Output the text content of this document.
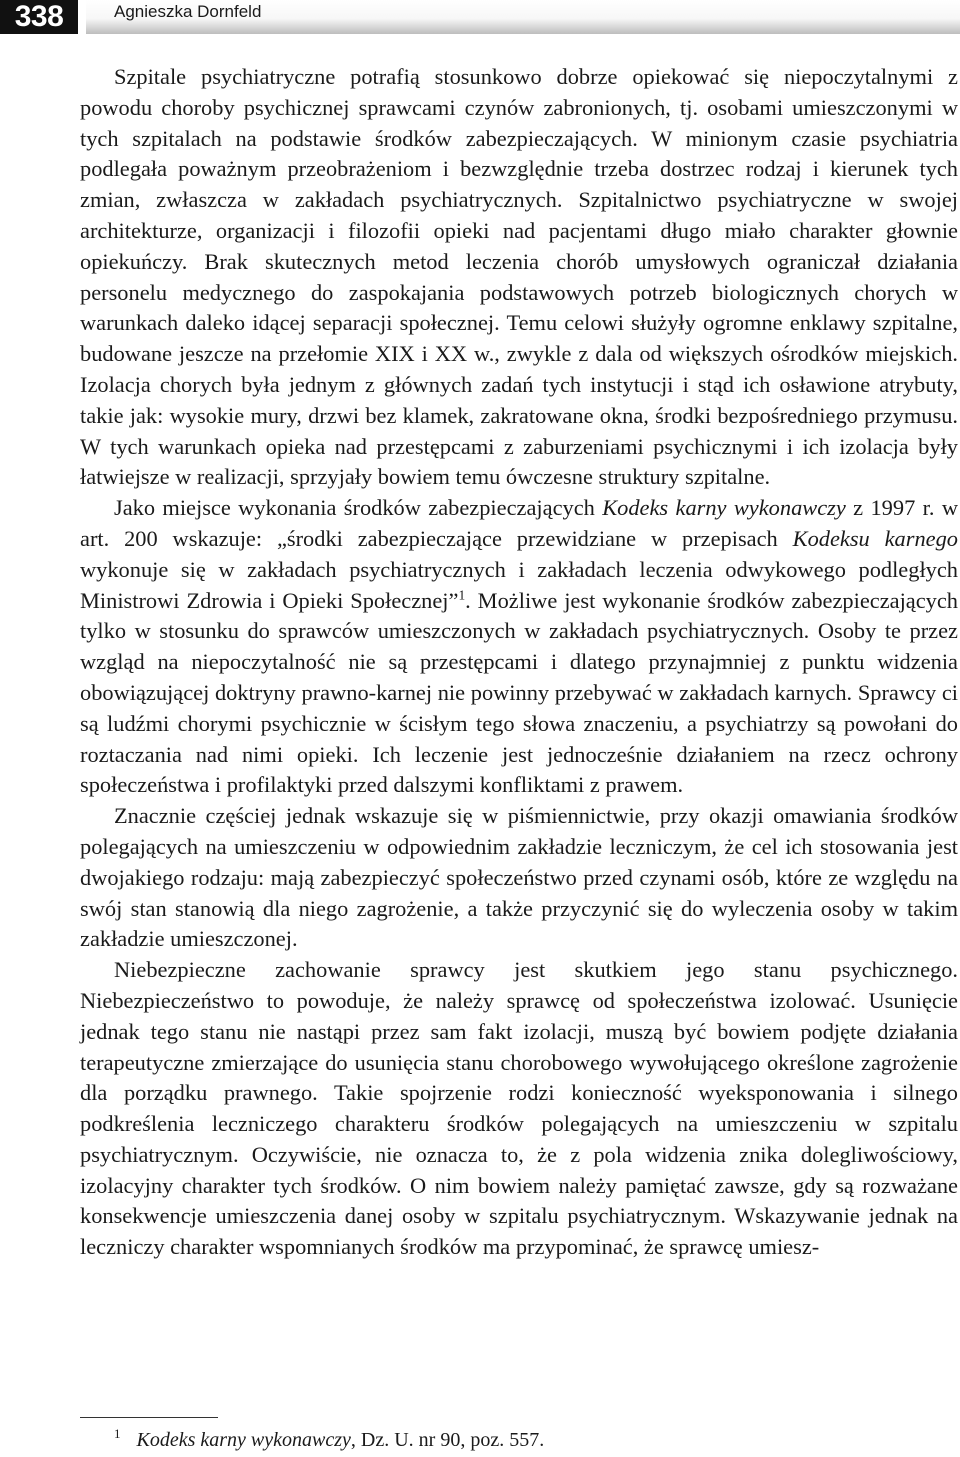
338	Agnieszka Dornfeld

Szpitale psychiatryczne potrafią stosunkowo dobrze opiekować się niepoczytalnymi z powodu choroby psychicznej sprawcami czynów zabronionych, tj. osobami umieszczonymi w tych szpitalach na podstawie środków zabezpieczających. W minionym czasie psychiatria podlegała poważnym przeobrażeniom i bezwzględnie trzeba dostrzec rodzaj i kierunek tych zmian, zwłaszcza w zakładach psychiatrycznych. Szpitalnictwo psychiatryczne w swojej architekturze, organizacji i filozofii opieki nad pacjentami długo miało charakter głownie opiekuńczy. Brak skutecznych metod leczenia chorób umysłowych ograniczał działania personelu medycznego do zaspokajania podstawowych potrzeb biologicznych chorych w warunkach daleko idącej separacji społecznej. Temu celowi służyły ogromne enklawy szpitalne, budowane jeszcze na przełomie XIX i XX w., zwykle z dala od większych ośrodków miejskich. Izolacja chorych była jednym z głównych zadań tych instytucji i stąd ich osławione atrybuty, takie jak: wysokie mury, drzwi bez klamek, zakratowane okna, środki bezpośredniego przymusu. W tych warunkach opieka nad przestępcami z zaburzeniami psychicznymi i ich izolacja były łatwiejsze w realizacji, sprzyjały bowiem temu ówczesne struktury szpitalne.

Jako miejsce wykonania środków zabezpieczających Kodeks karny wykonawczy z 1997 r. w art. 200 wskazuje: „środki zabezpieczające przewidziane w przepisach Kodeksu karnego wykonuje się w zakładach psychiatrycznych i zakładach leczenia odwykowego podległych Ministrowi Zdrowia i Opieki Społecznej”$^1$. Możliwe jest wykonanie środków zabezpieczających tylko w stosunku do sprawców umieszczonych w zakładach psychiatrycznych. Osoby te przez wzgląd na niepoczytalność nie są przestępcami i dlatego przynajmniej z punktu widzenia obowiązującej doktryny prawno-karnej nie powinny przebywać w zakładach karnych. Sprawcy ci są ludźmi chorymi psychicznie w ścisłym tego słowa znaczeniu, a psychiatrzy są powołani do roztaczania nad nimi opieki. Ich leczenie jest jednocześnie działaniem na rzecz ochrony społeczeństwa i profilaktyki przed dalszymi konfliktami z prawem.

Znacznie częściej jednak wskazuje się w piśmiennictwie, przy okazji omawiania środków polegających na umieszczeniu w odpowiednim zakładzie leczniczym, że cel ich stosowania jest dwojakiego rodzaju: mają zabezpieczyć społeczeństwo przed czynami osób, które ze względu na swój stan stanowią dla niego zagrożenie, a także przyczynić się do wyleczenia osoby w takim zakładzie umieszczonej.

Niebezpieczne zachowanie sprawcy jest skutkiem jego stanu psychicznego. Niebezpieczeństwo to powoduje, że należy sprawcę od społeczeństwa izolować. Usunięcie jednak tego stanu nie nastąpi przez sam fakt izolacji, muszą być bowiem podjęte działania terapeutyczne zmierzające do usunięcia stanu chorobowego wywołującego określone zagrożenie dla porządku prawnego. Takie spojrzenie rodzi konieczność wyeksponowania i silnego podkreślenia leczniczego charakteru środków polegających na umieszczeniu w szpitalu psychiatrycznym. Oczywiście, nie oznacza to, że z pola widzenia znika dolegliwościowy, izolacyjny charakter tych środków. O nim bowiem należy pamiętać zawsze, gdy są rozważane konsekwencje umieszczenia danej osoby w szpitalu psychiatrycznym. Wskazywanie jednak na leczniczy charakter wspomnianych środków ma przypominać, że sprawcę umiesz-

$^1$ Kodeks karny wykonawczy, Dz. U. nr 90, poz. 557.
